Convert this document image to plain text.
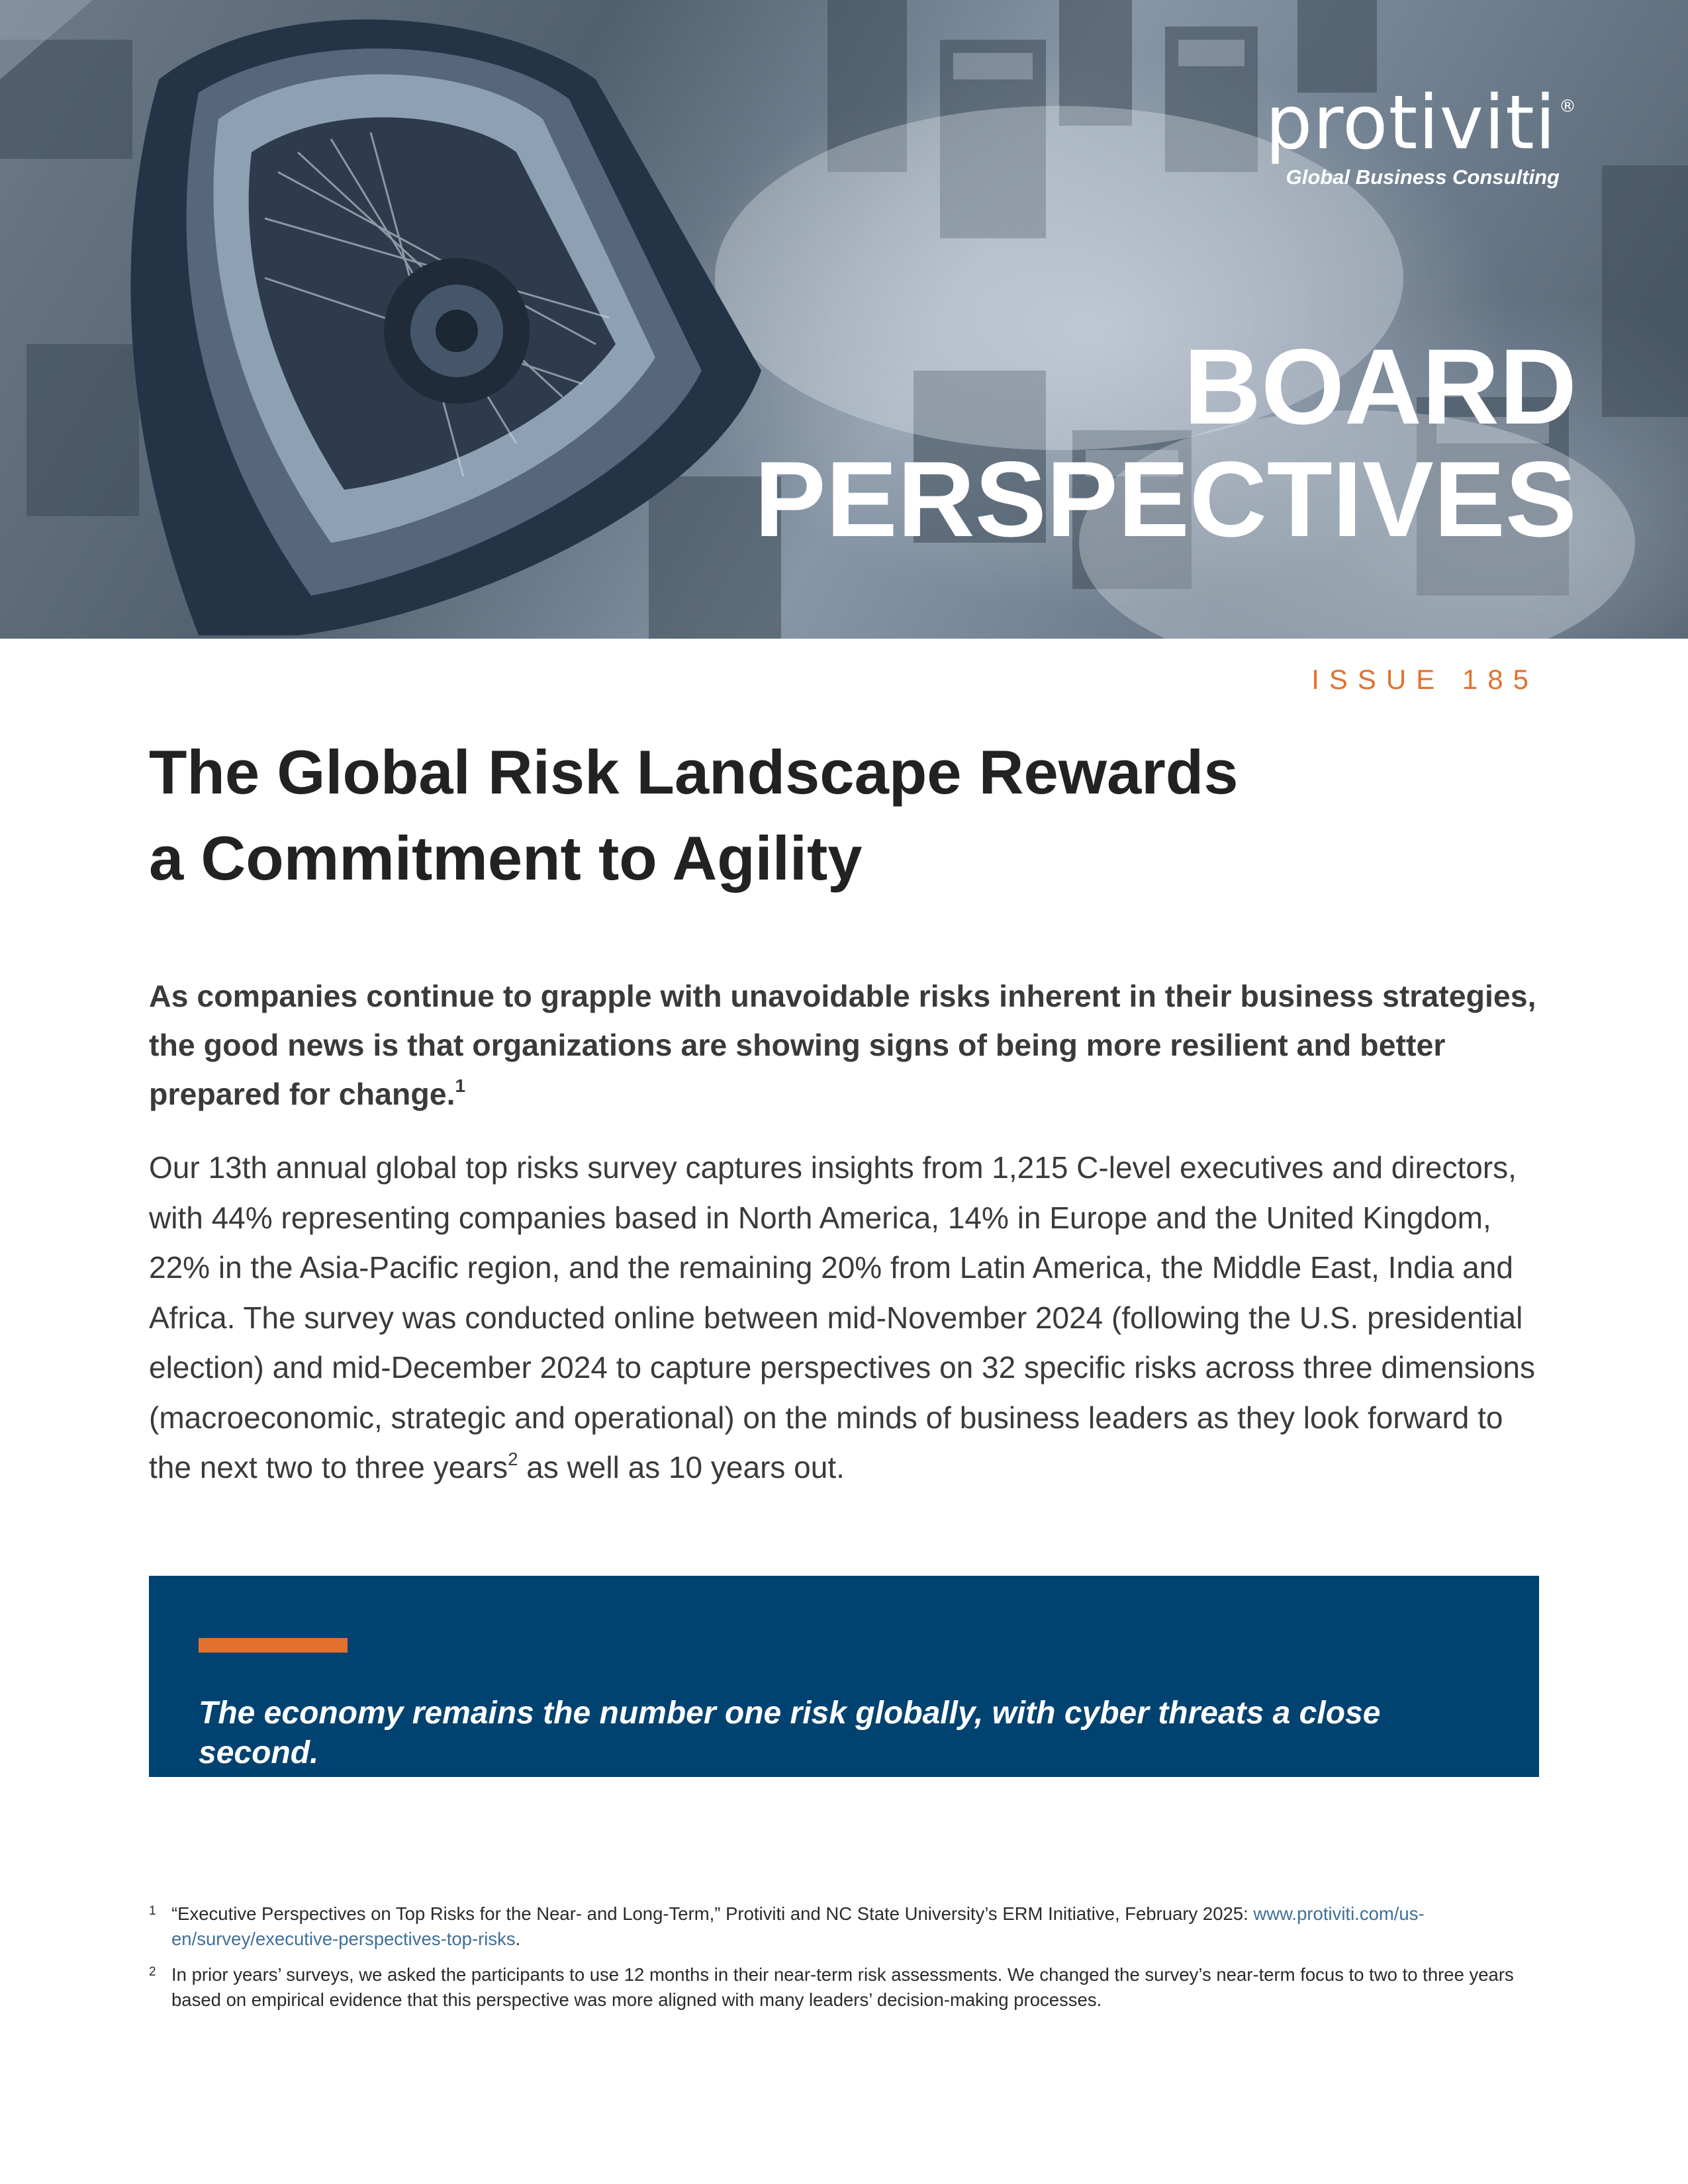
protiviti ®
Global Business Consulting
BOARD
PERSPECTIVES
ISSUE 185
The Global Risk Landscape Rewards
a Commitment to Agility

As companies continue to grapple with unavoidable risks inherent in their business strategies, the good news is that organizations are showing signs of being more resilient and better prepared for change.$^1$

Our 13th annual global top risks survey captures insights from 1,215 C-level executives and directors, with 44% representing companies based in North America, 14% in Europe and the United Kingdom, 22% in the Asia-Pacific region, and the remaining 20% from Latin America, the Middle East, India and Africa. The survey was conducted online between mid-November 2024 (following the U.S. presidential election) and mid-December 2024 to capture perspectives on 32 specific risks across three dimensions (macroeconomic, strategic and operational) on the minds of business leaders as they look forward to the next two to three years$^2$ as well as 10 years out.

The economy remains the number one risk globally, with cyber threats a close second.
1 “Executive Perspectives on Top Risks for the Near- and Long-Term,” Protiviti and NC State University’s ERM Initiative, February 2025: www.protiviti.com/us-en/survey/executive-perspectives-top-risks.
2 In prior years’ surveys, we asked the participants to use 12 months in their near-term risk assessments. We changed the survey’s near-term focus to two to three years based on empirical evidence that this perspective was more aligned with many leaders’ decision-making processes.
